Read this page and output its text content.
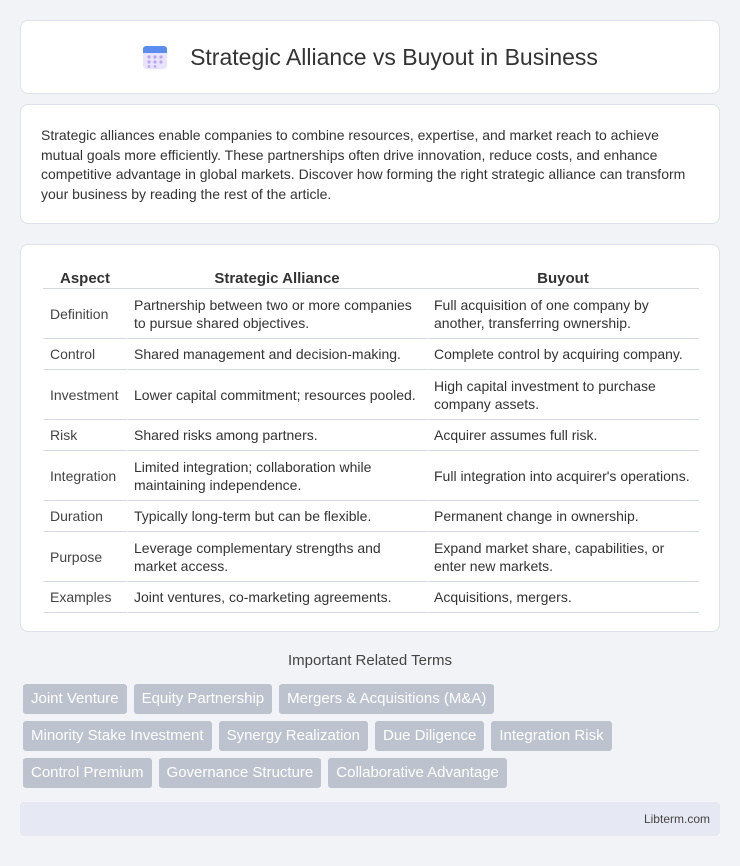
Strategic Alliance vs Buyout in Business

Strategic alliances enable companies to combine resources, expertise, and market reach to achieve mutual goals more efficiently. These partnerships often drive innovation, reduce costs, and enhance competitive advantage in global markets. Discover how forming the right strategic alliance can transform your business by reading the rest of the article.

Aspect	Strategic Alliance	Buyout
Definition	Partnership between two or more companies to pursue shared objectives.	Full acquisition of one company by another, transferring ownership.
Control	Shared management and decision-making.	Complete control by acquiring company.
Investment	Lower capital commitment; resources pooled.	High capital investment to purchase company assets.
Risk	Shared risks among partners.	Acquirer assumes full risk.
Integration	Limited integration; collaboration while maintaining independence.	Full integration into acquirer's operations.
Duration	Typically long-term but can be flexible.	Permanent change in ownership.
Purpose	Leverage complementary strengths and market access.	Expand market share, capabilities, or enter new markets.
Examples	Joint ventures, co-marketing agreements.	Acquisitions, mergers.
Important Related Terms
Joint Venture	Equity Partnership	Mergers & Acquisitions (M&A)
Minority Stake Investment	Synergy Realization	Due Diligence	Integration Risk
Control Premium	Governance Structure	Collaborative Advantage
Libterm.com
